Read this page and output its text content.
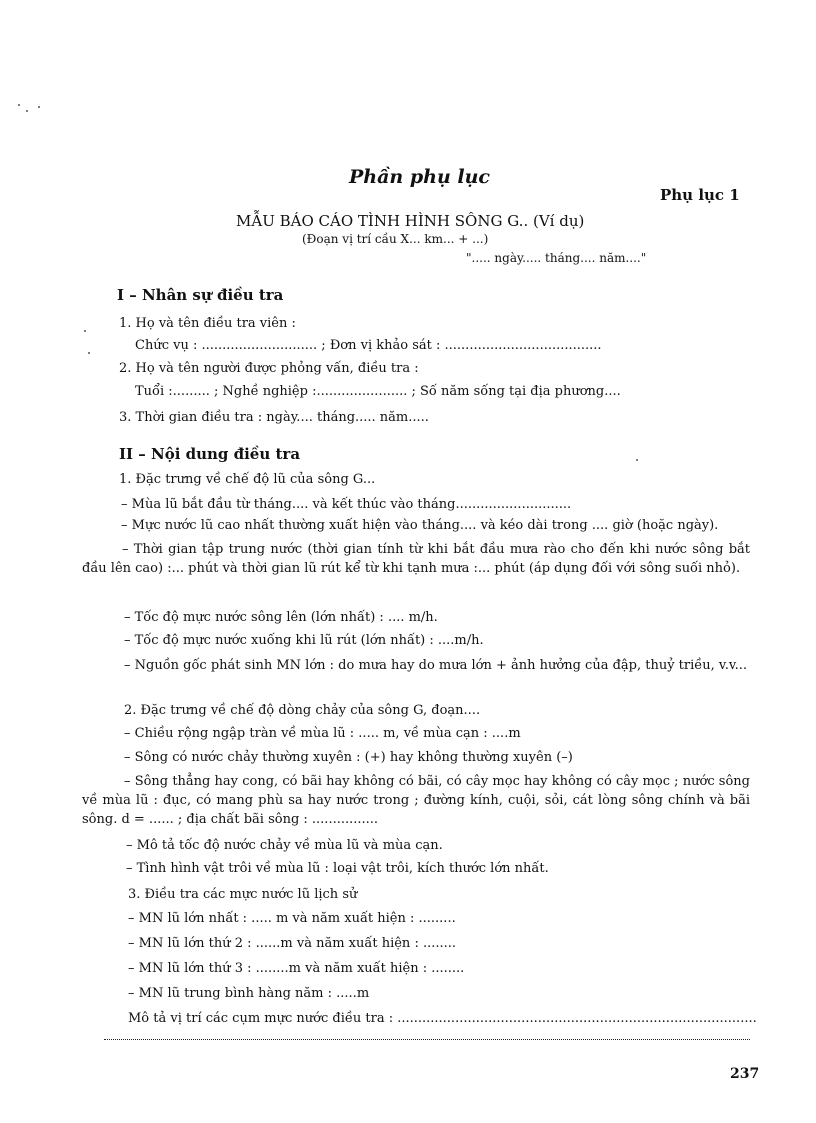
Phần phụ lục
Phụ lục 1
MẪU BÁO CÁO TÌNH HÌNH SÔNG G.. (Ví dụ)
(Đoạn vị trí cầu X... km... + ...)
"..... ngày..... tháng.... năm...."
I – Nhân sự điều tra
1. Họ và tên điều tra viên :
Chức vụ : ............................ ; Đơn vị khảo sát : ......................................
2. Họ và tên người được phỏng vấn, điều tra :
Tuổi :......... ; Nghề nghiệp :...................... ; Số năm sống tại địa phương....
3. Thời gian điều tra : ngày.... tháng..... năm.....
II – Nội dung điều tra
1. Đặc trưng về chế độ lũ của sông G...
– Mùa lũ bắt đầu từ tháng.... và kết thúc vào tháng............................
– Mực nước lũ cao nhất thường xuất hiện vào tháng.... và kéo dài trong .... giờ (hoặc ngày).
– Thời gian tập trung nước (thời gian tính từ khi bắt đầu mưa rào cho đến khi nước sông bắt đầu lên cao) :... phút và thời gian lũ rút kể từ khi tạnh mưa :... phút (áp dụng đối với sông suối nhỏ).
– Tốc độ mực nước sông lên (lớn nhất) : .... m/h.
– Tốc độ mực nước xuống khi lũ rút (lớn nhất) : ....m/h.
– Nguồn gốc phát sinh MN lớn : do mưa hay do mưa lớn + ảnh hưởng của đập, thuỷ triều, v.v...
2. Đặc trưng về chế độ dòng chảy của sông G, đoạn....
– Chiều rộng ngập tràn về mùa lũ : ..... m, về mùa cạn : ....m
– Sông có nước chảy thường xuyên : (+) hay không thường xuyên (–)
– Sông thẳng hay cong, có bãi hay không có bãi, có cây mọc hay không có cây mọc ; nước sông về mùa lũ : đục, có mang phù sa hay nước trong ; đường kính, cuội, sỏi, cát lòng sông chính và bãi sông. d = ...... ; địa chất bãi sông : ................
– Mô tả tốc độ nước chảy về mùa lũ và mùa cạn.
– Tình hình vật trôi về mùa lũ : loại vật trôi, kích thước lớn nhất.
3. Điều tra các mực nước lũ lịch sử
– MN lũ lớn nhất : ..... m và năm xuất hiện : .........
– MN lũ lớn thứ 2 : ......m và năm xuất hiện : ........
– MN lũ lớn thứ 3 : ........m và năm xuất hiện : ........
– MN lũ trung bình hàng năm : .....m
Mô tả vị trí các cụm mực nước điều tra : .......................................................................................
237
